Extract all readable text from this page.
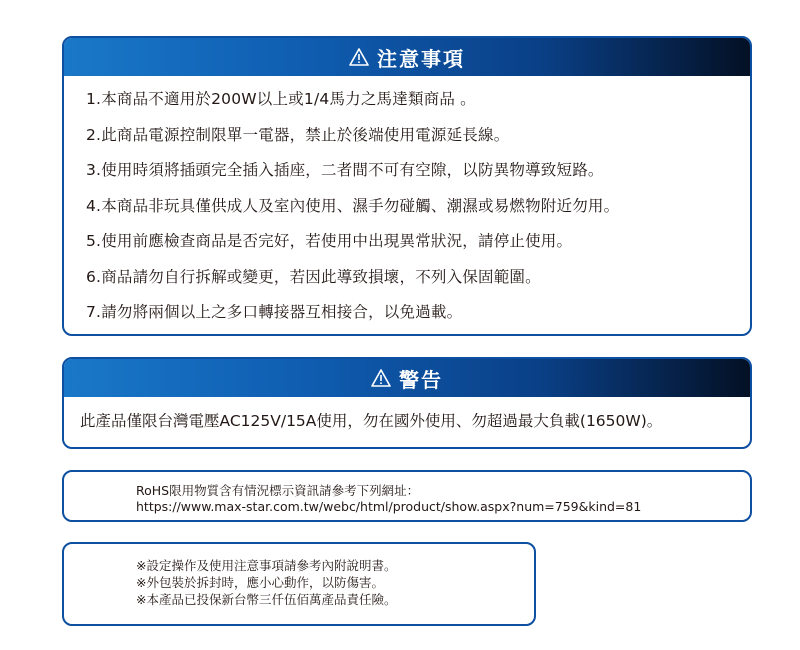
注意事項
1.本商品不適用於200W以上或1/4馬力之馬達類商品 。
2.此商品電源控制限單一電器，禁止於後端使用電源延長線。
3.使用時須將插頭完全插入插座，二者間不可有空隙，以防異物導致短路。
4.本商品非玩具僅供成人及室內使用、濕手勿碰觸、潮濕或易燃物附近勿用。
5.使用前應檢查商品是否完好，若使用中出現異常狀況，請停止使用。
6.商品請勿自行拆解或變更，若因此導致損壞，不列入保固範圍。
7.請勿將兩個以上之多口轉接器互相接合，以免過載。
警告
此產品僅限台灣電壓AC125V/15A使用，勿在國外使用、勿超過最大負載(1650W)。
RoHS限用物質含有情況標示資訊請參考下列網址：
https://www.max-star.com.tw/webc/html/product/show.aspx?num=759&kind=81
※設定操作及使用注意事項請參考內附說明書。
※外包裝於拆封時，應小心動作，以防傷害。
※本產品已投保新台幣三仟伍佰萬產品責任險。
